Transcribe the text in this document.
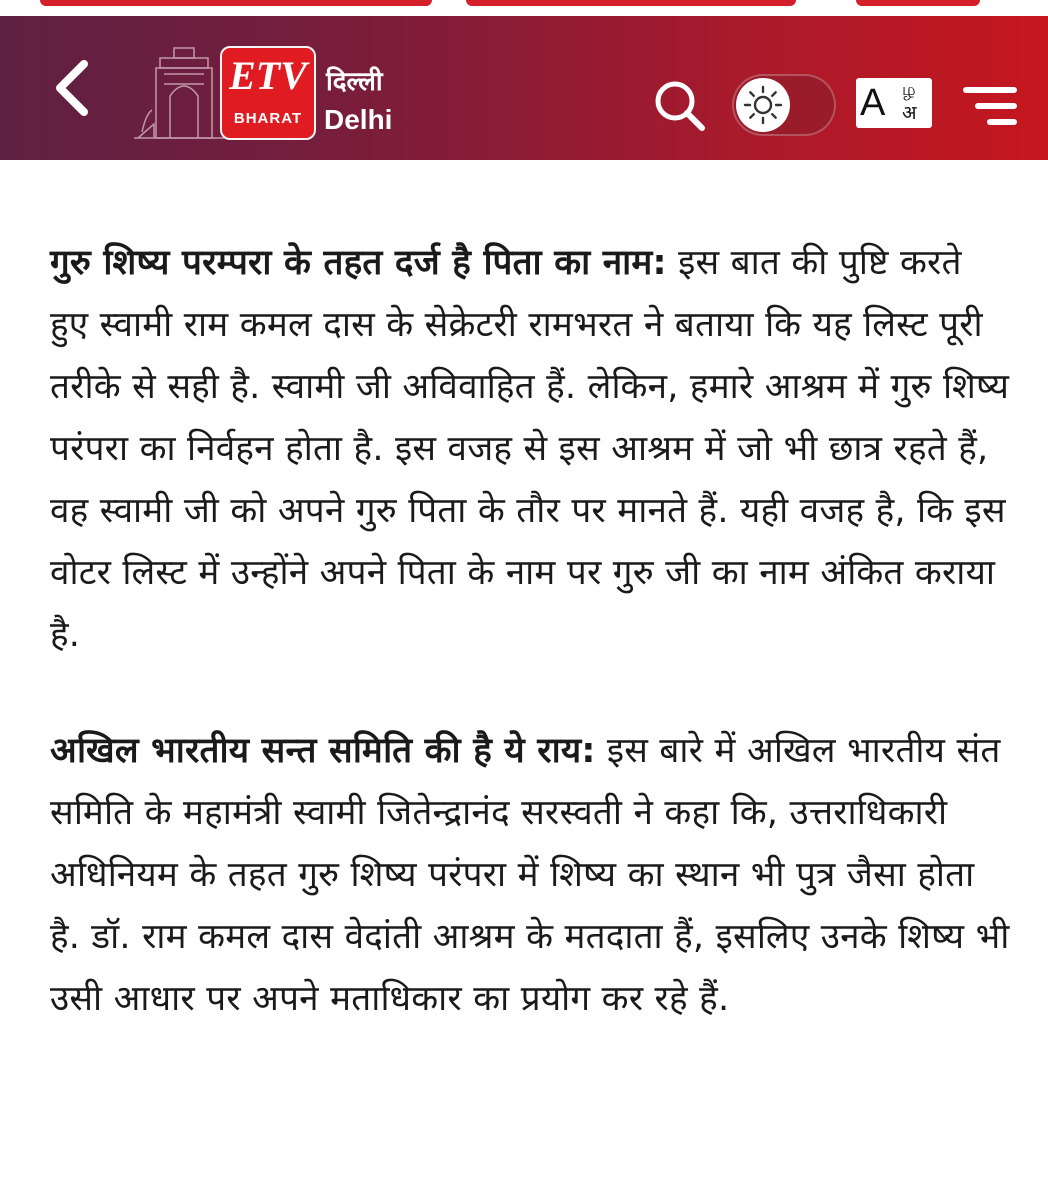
ETV
BHARAT
दिल्ली
Delhi	A ழ
अ

गुरु शिष्य परम्परा के तहत दर्ज है पिता का नाम: इस बात की पुष्टि करते हुए स्वामी राम कमल दास के सेक्रेटरी रामभरत ने बताया कि यह लिस्ट पूरी तरीके से सही है. स्वामी जी अविवाहित हैं. लेकिन, हमारे आश्रम में गुरु शिष्य परंपरा का निर्वहन होता है. इस वजह से इस आश्रम में जो भी छात्र रहते हैं, वह स्वामी जी को अपने गुरु पिता के तौर पर मानते हैं. यही वजह है, कि इस वोटर लिस्ट में उन्होंने अपने पिता के नाम पर गुरु जी का नाम अंकित कराया है.

अखिल भारतीय सन्त समिति की है ये राय: इस बारे में अखिल भारतीय संत समिति के महामंत्री स्वामी जितेन्द्रानंद सरस्वती ने कहा कि, उत्तराधिकारी अधिनियम के तहत गुरु शिष्य परंपरा में शिष्य का स्थान भी पुत्र जैसा होता है. डॉ. राम कमल दास वेदांती आश्रम के मतदाता हैं, इसलिए उनके शिष्य भी उसी आधार पर अपने मताधिकार का प्रयोग कर रहे हैं.
